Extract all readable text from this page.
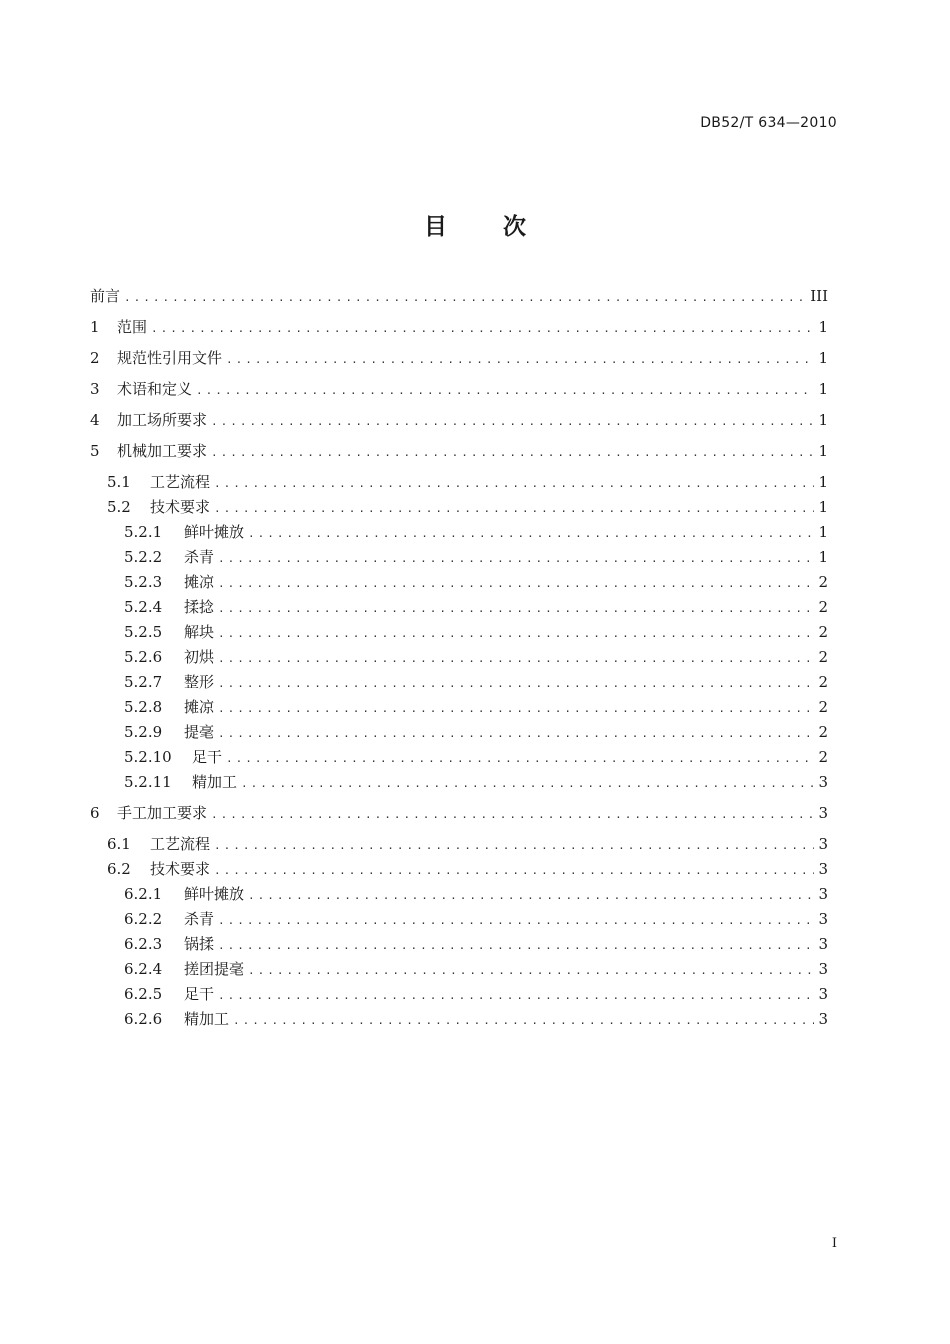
DB52/T 634—2010
目 次
前言 .....	III
1	范围 .....	1
2	规范性引用文件 .....	1
3	术语和定义 .....	1
4	加工场所要求 .....	1
5	机械加工要求 .....	1
5.1	工艺流程 .....	1
5.2	技术要求 .....	1
5.2.1	鲜叶摊放 .....	1
5.2.2	杀青 .....	1
5.2.3	摊凉 .....	2
5.2.4	揉捻 .....	2
5.2.5	解块 .....	2
5.2.6	初烘 .....	2
5.2.7	整形 .....	2
5.2.8	摊凉 .....	2
5.2.9	提毫 .....	2
5.2.10	足干 .....	2
5.2.11	精加工 .....	3
6	手工加工要求 .....	3
6.1	工艺流程 .....	3
6.2	技术要求 .....	3
6.2.1	鲜叶摊放 .....	3
6.2.2	杀青 .....	3
6.2.3	锅揉 .....	3
6.2.4	搓团提毫 .....	3
6.2.5	足干 .....	3
6.2.6	精加工 .....	3
I
